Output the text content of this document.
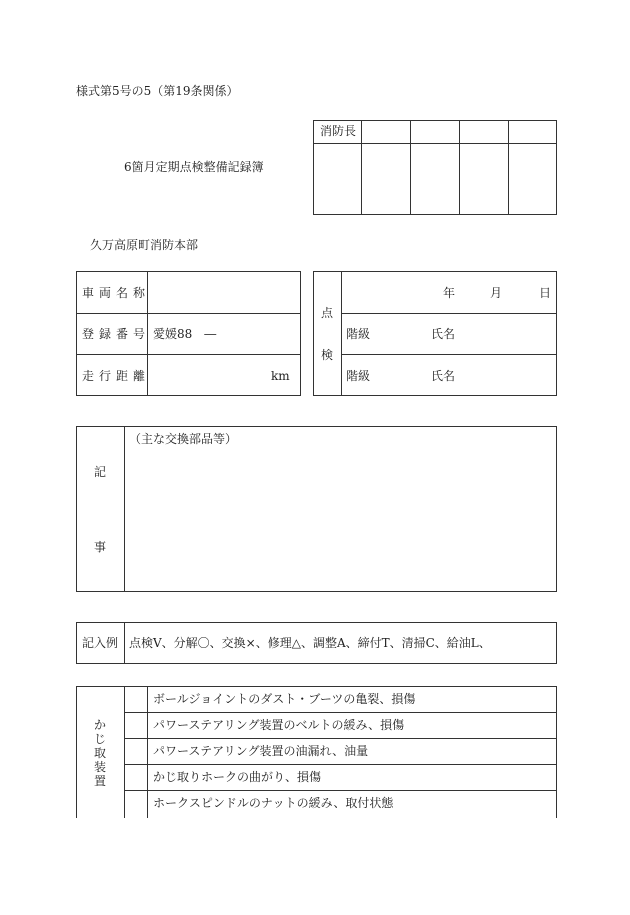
様式第5号の5（第19条関係）
消防長
6箇月定期点検整備記録簿
久万高原町消防本部
車両名称
登録番号 愛媛88　―
走行距離	km
点
検
年	月	日
階級	氏名
階級	氏名
記
事
（主な交換部品等）
記入例 点検V、分解〇、交換×、修理△、調整A、締付T、清掃C、給油L、
かじ取装置
ボールジョイントのダスト・ブーツの亀裂、損傷
パワーステアリング装置のベルトの緩み、損傷
パワーステアリング装置の油漏れ、油量
かじ取りホークの曲がり、損傷
ホークスピンドルのナットの緩み、取付状態
